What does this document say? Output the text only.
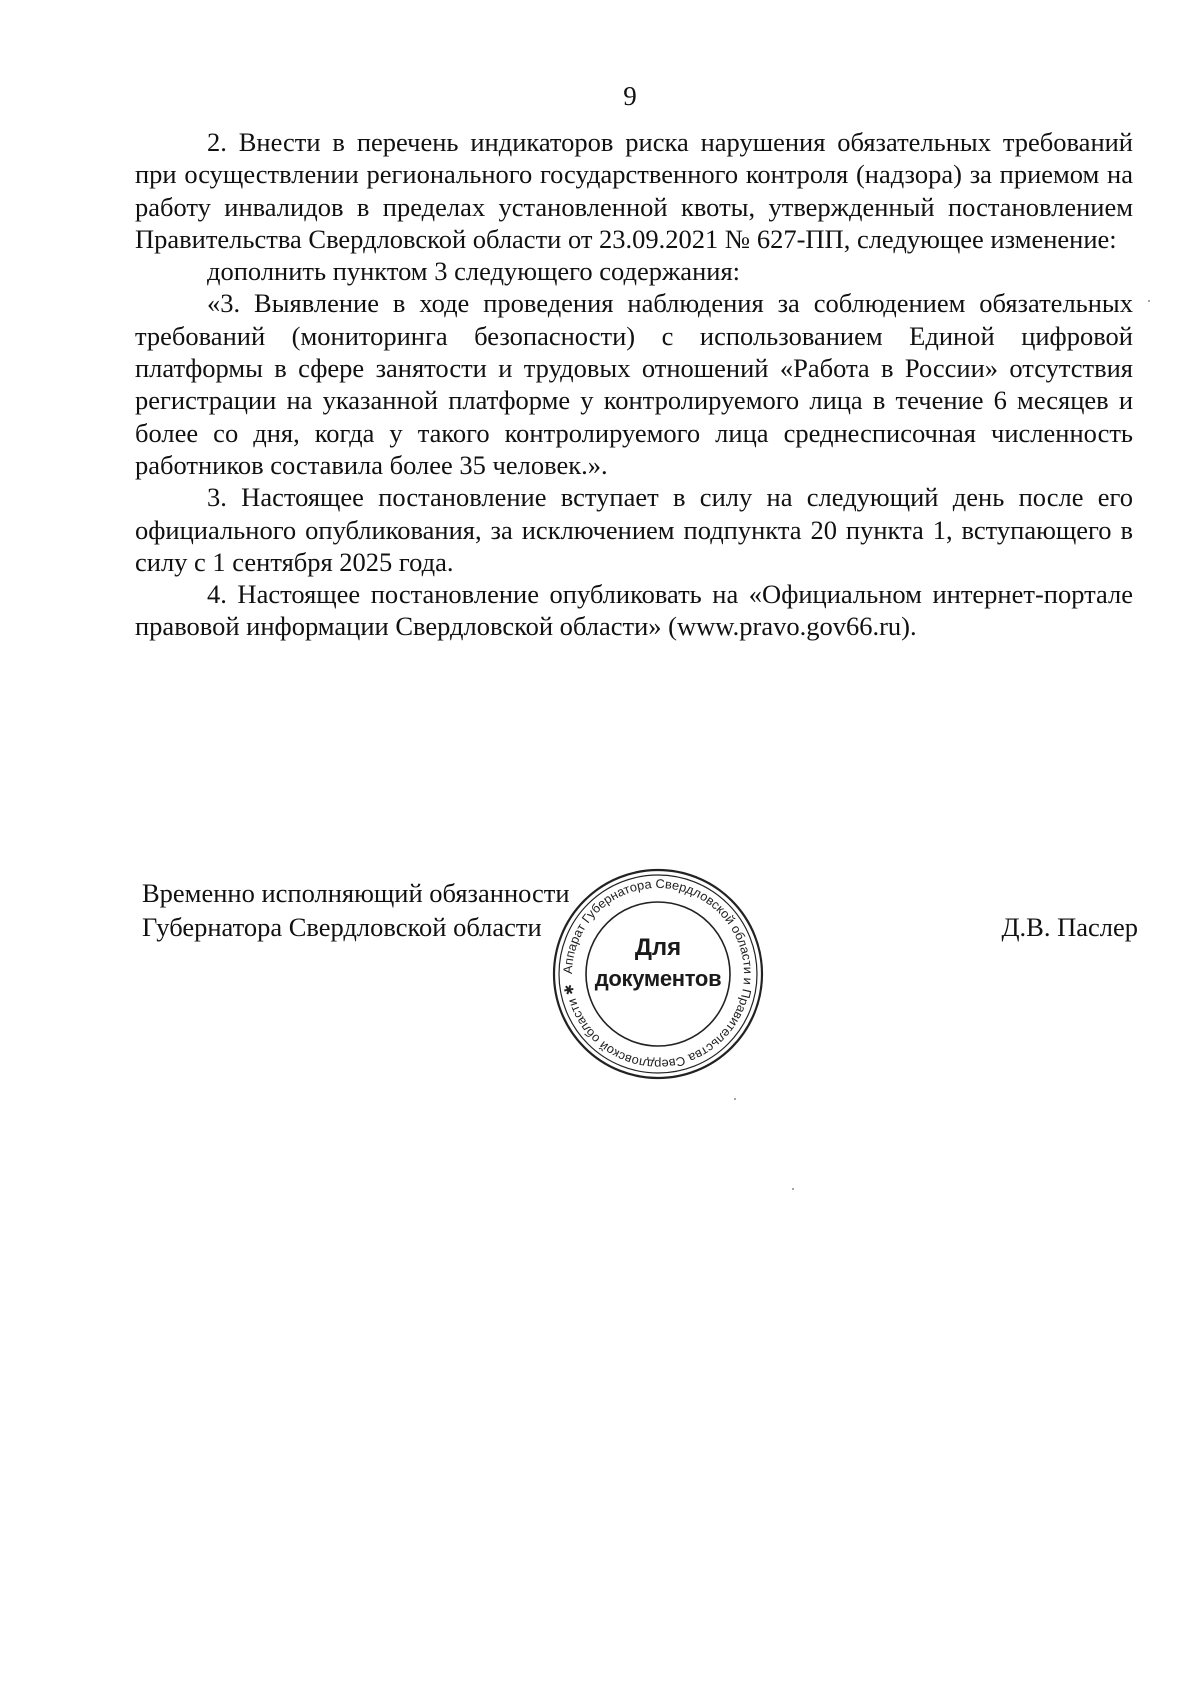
9

2. Внести в перечень индикаторов риска нарушения обязательных требований при осуществлении регионального государственного контроля (надзора) за приемом на работу инвалидов в пределах установленной квоты, утвержденный постановлением Правительства Свердловской области от 23.09.2021 № 627-ПП, следующее изменение:

дополнить пунктом 3 следующего содержания:

«3. Выявление в ходе проведения наблюдения за соблюдением обязательных требований (мониторинга безопасности) с использованием Единой цифровой платформы в сфере занятости и трудовых отношений «Работа в России» отсутствия регистрации на указанной платформе у контролируемого лица в течение 6 месяцев и более со дня, когда у такого контролируемого лица среднесписочная численность работников составила более 35 человек.».

3. Настоящее постановление вступает в силу на следующий день после его официального опубликования, за исключением подпункта 20 пункта 1, вступающего в силу с 1 сентября 2025 года.

4. Настоящее постановление опубликовать на «Официальном интернет-портале правовой информации Свердловской области» (www.pravo.gov66.ru).

Временно исполняющий обязанности
Губернатора Свердловской области
Аппарат Губернатора Свердловской области и Правительства Свердловской области ✱
Для
документов
Д.В. Паслер
